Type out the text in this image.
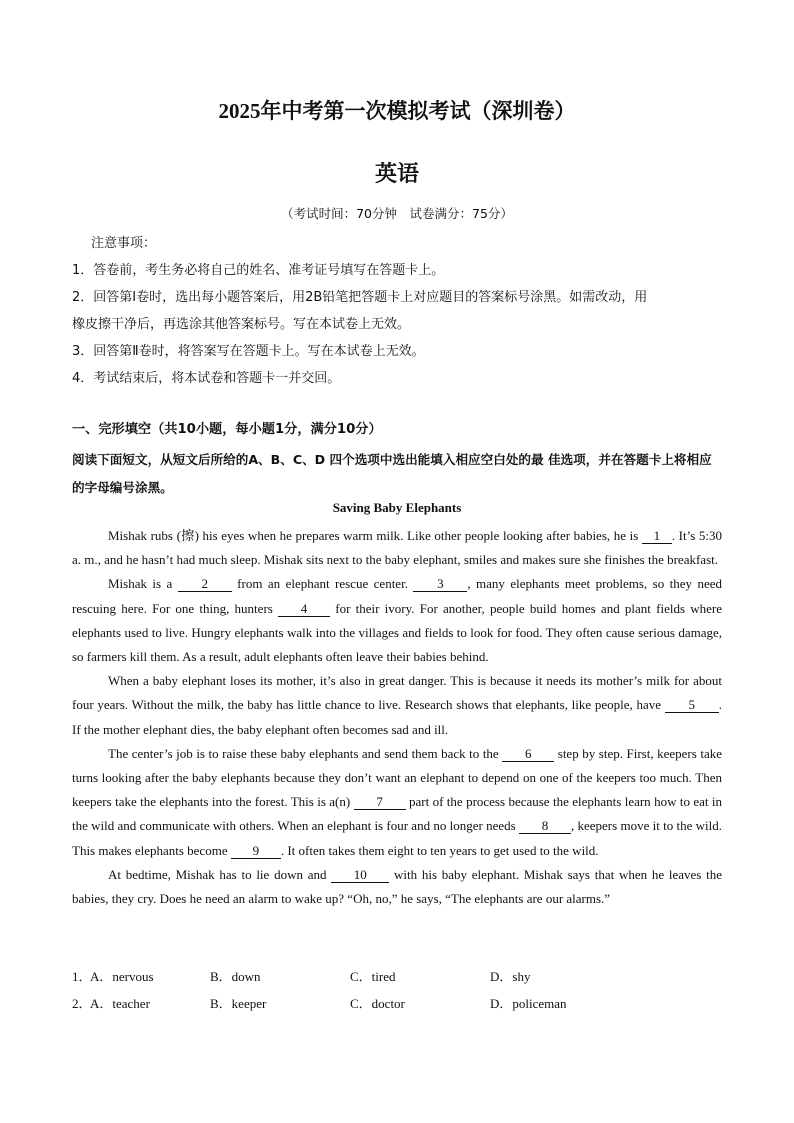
2025年中考第一次模拟考试（深圳卷）
英语
（考试时间：70分钟　试卷满分：75分）

注意事项：

1．答卷前，考生务必将自己的姓名、准考证号填写在答题卡上。

2．回答第Ⅰ卷时，选出每小题答案后，用2B铅笔把答题卡上对应题目的答案标号涂黑。如需改动，用

橡皮擦干净后，再选涂其他答案标号。写在本试卷上无效。

3．回答第Ⅱ卷时，将答案写在答题卡上。写在本试卷上无效。

4．考试结束后，将本试卷和答题卡一并交回。

一、完形填空（共10小题，每小题1分，满分10分）
阅读下面短文，从短文后所给的A、B、C、D 四个选项中选出能填入相应空白处的最 佳选项，并在答题卡上将相应的字母编号涂黑。
Saving Baby Elephants

Mishak rubs (擦) his eyes when he prepares warm milk. Like other people looking after babies, he is 1 . It’s 5:30 a. m., and he hasn’t had much sleep. Mishak sits next to the baby elephant, smiles and makes sure she finishes the breakfast.

Mishak is a 2 from an elephant rescue center. 3 , many elephants meet problems, so they need rescuing here. For one thing, hunters 4 for their ivory. For another, people build homes and plant fields where elephants used to live. Hungry elephants walk into the villages and fields to look for food. They often cause serious damage, so farmers kill them. As a result, adult elephants often leave their babies behind.

When a baby elephant loses its mother, it’s also in great danger. This is because it needs its mother’s milk for about four years. Without the milk, the baby has little chance to live. Research shows that elephants, like people, have 5 . If the mother elephant dies, the baby elephant often becomes sad and ill.

The center’s job is to raise these baby elephants and send them back to the 6 step by step. First, keepers take turns looking after the baby elephants because they don’t want an elephant to depend on one of the keepers too much. Then keepers take the elephants into the forest. This is a(n) 7 part of the process because the elephants learn how to eat in the wild and communicate with others. When an elephant is four and no longer needs 8 , keepers move it to the wild. This makes elephants become 9 . It often takes them eight to ten years to get used to the wild.

At bedtime, Mishak has to lie down and 10 with his baby elephant. Mishak says that when he leaves the babies, they cry. Does he need an alarm to wake up? “Oh, no,” he says, “The elephants are our alarms.”

1．
A．nervous	B．down	C．tired	D．shy
2．
A．teacher	B．keeper	C．doctor	D．policeman
